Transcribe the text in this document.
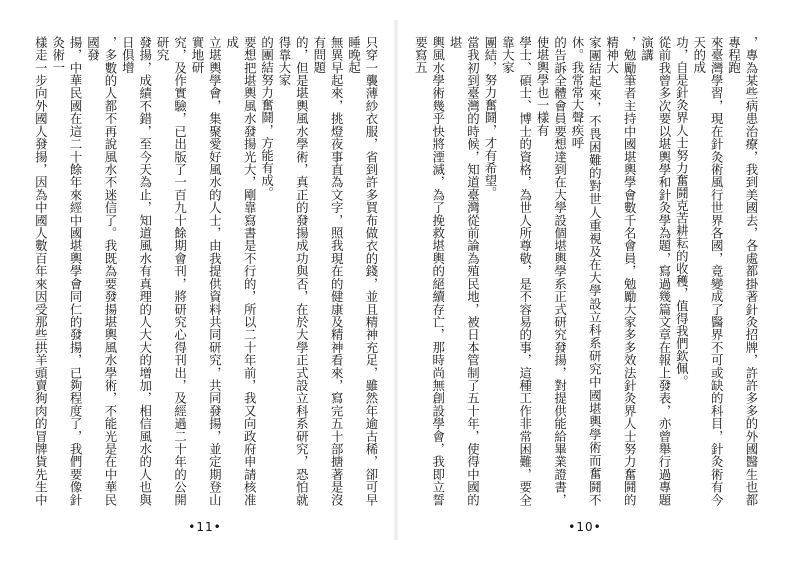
只穿一襲薄紗衣服，省到許多買布做衣的錢，並且精神充足，雖然年逾古稀，卻可早睡晚起
無異早起來，挑燈夜事直為文字，照我現在的健康及精神看來，寫完五十部搪著是沒有問題
的，但是堪輿風水學術，真正的發揚成功與否，在於大學正式設立科系研究，恐怕就得靠大家
的團結努力奮鬪，方能有成。
要想把堪輿風水發揚光大，剛靠寫書是不行的，所以二十年前，我又向政府申請核准成
立堪輿學會，集聚愛好風水的人士，由我提供資料共同研究，共同發揚，並定期登山實地研
究，及作實驗，已出版了一百九十餘期會刊，將研究心得刊出，及經過二十年的公開研究
發揚，成績不錯，至今天為止，知道風水有真理的人大大的增加，相信風水的人也與日俱增
，多數的人都不再說風水不迷信了。我既為要發揚堪輿風水學術，不能光是在中華民國發
揚，中華民國在這二十餘年來經中國堪輿學會同仁的發揚，已夠程度了，我們要像針灸術一
樣走一步向外國人發揚，因為中國人數百年來因受那些拱羊頭賣狗肉的冒牌貨先生中

•11•

，專為某些病患治療，我到美國去，各處都掛著針灸招牌，許許多多的外國醫生也都專程跑
來臺灣學習，現在針灸術風行世界各國，竟變成了醫界不可或缺的科目，針灸術有今天的成
功，自是針灸界人士努力奮鬪克苦耕耘的收穫，值得我們欽佩。
從前我曾多次要以堪輿學和針灸學為題，寫過幾篇文章在報上發表，亦曾舉行過專題演講
，勉勵筆者主持中國堪輿學會數千名會員，勉勵大家多多效法針灸界人士努力奮鬪的精神大
家團結起來，不畏困難的對世人重視及在大學設立科系研究中國堪輿學術而奮鬪不休。我常常大聲疾呼
的告訴全體會員要想達到在大學設個堪輿學系正式研究發揚，對提供能給畢業證書，使堪輿學也一樣有
學士、碩士、博士的資格，為世人所尊敬，是不容易的事，這種工作非常困難，要全靠大家
團結，努力奮鬪，才有希望。
當我初到臺灣的時候，知道臺灣從前論為殖民地，被日本管制了五十年，使得中國的堪
輿風水學術幾乎快將湮滅，為了挽救堪輿的絕續存亡，那時尚無創設學會，我即立誓要寫五

•10•
